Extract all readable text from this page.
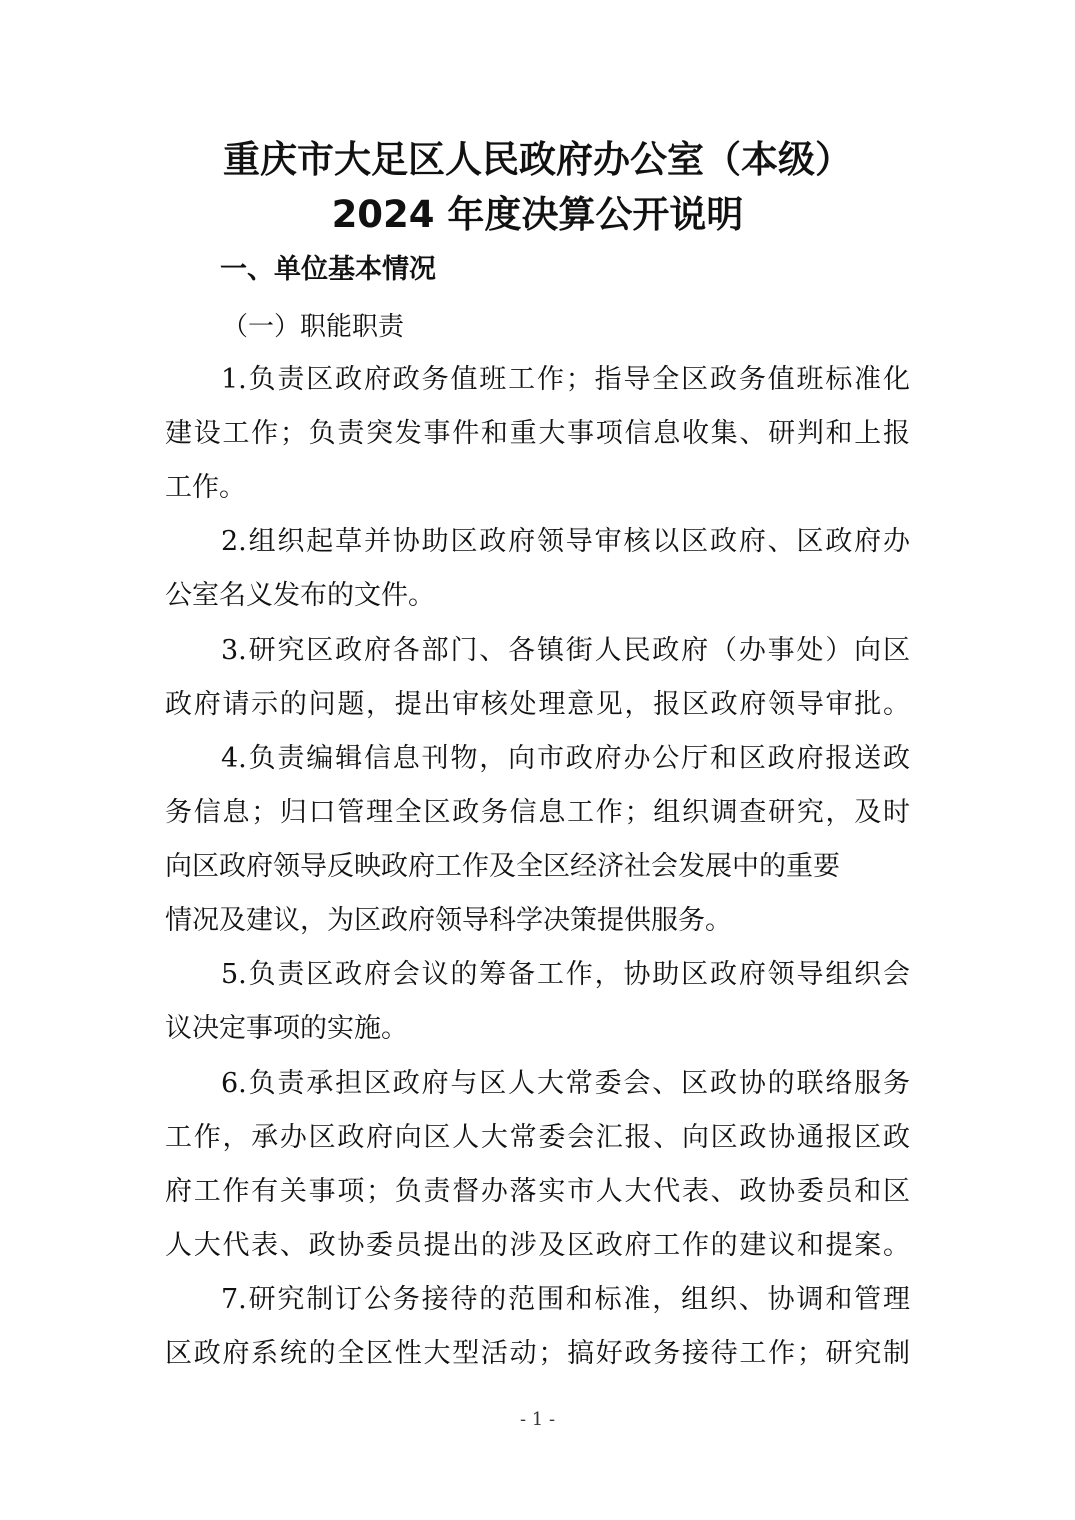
重庆市大足区人民政府办公室（本级）
2024 年度决算公开说明
一、单位基本情况
（一）职能职责
1.负责区政府政务值班工作；指导全区政务值班标准化
建设工作；负责突发事件和重大事项信息收集、研判和上报
工作。
2.组织起草并协助区政府领导审核以区政府、区政府办
公室名义发布的文件。
3.研究区政府各部门、各镇街人民政府（办事处）向区
政府请示的问题，提出审核处理意见，报区政府领导审批。
4.负责编辑信息刊物，向市政府办公厅和区政府报送政
务信息；归口管理全区政务信息工作；组织调查研究，及时
向区政府领导反映政府工作及全区经济社会发展中的重要
情况及建议，为区政府领导科学决策提供服务。
5.负责区政府会议的筹备工作，协助区政府领导组织会
议决定事项的实施。
6.负责承担区政府与区人大常委会、区政协的联络服务
工作，承办区政府向区人大常委会汇报、向区政协通报区政
府工作有关事项；负责督办落实市人大代表、政协委员和区
人大代表、政协委员提出的涉及区政府工作的建议和提案。
7.研究制订公务接待的范围和标准，组织、协调和管理
区政府系统的全区性大型活动；搞好政务接待工作；研究制
- 1 -
